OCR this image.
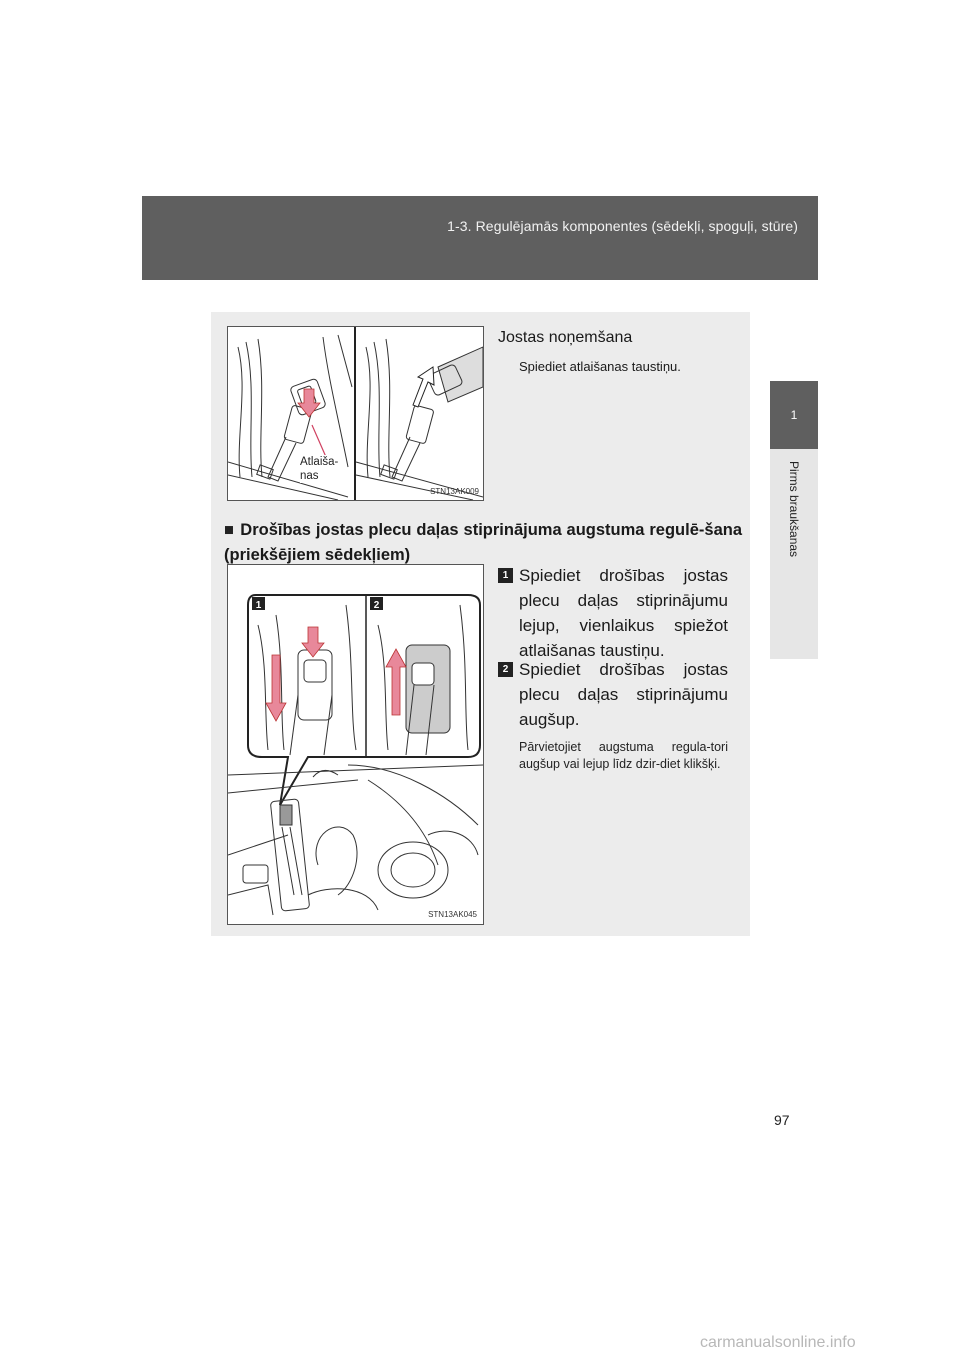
1-3. Regulējamās komponentes (sēdekļi, spoguļi, stūre)
1
Pirms braukšanas
Atlaiša-
nas
STN13AK009
Jostas noņemšana
Spiediet atlaišanas taustiņu.
■ Drošības jostas plecu daļas stiprinājuma augstuma regulē-šana (priekšējiem sēdekļiem)
1	2
STN13AK045
1 Spiediet drošības jostas plecu daļas stiprinājumu lejup, vienlaikus spiežot atlaišanas taustiņu.
2 Spiediet drošības jostas plecu daļas stiprinājumu augšup.
Pārvietojiet augstuma regula-tori augšup vai lejup līdz dzir-diet klikšķi.
97
carmanualsonline.info
